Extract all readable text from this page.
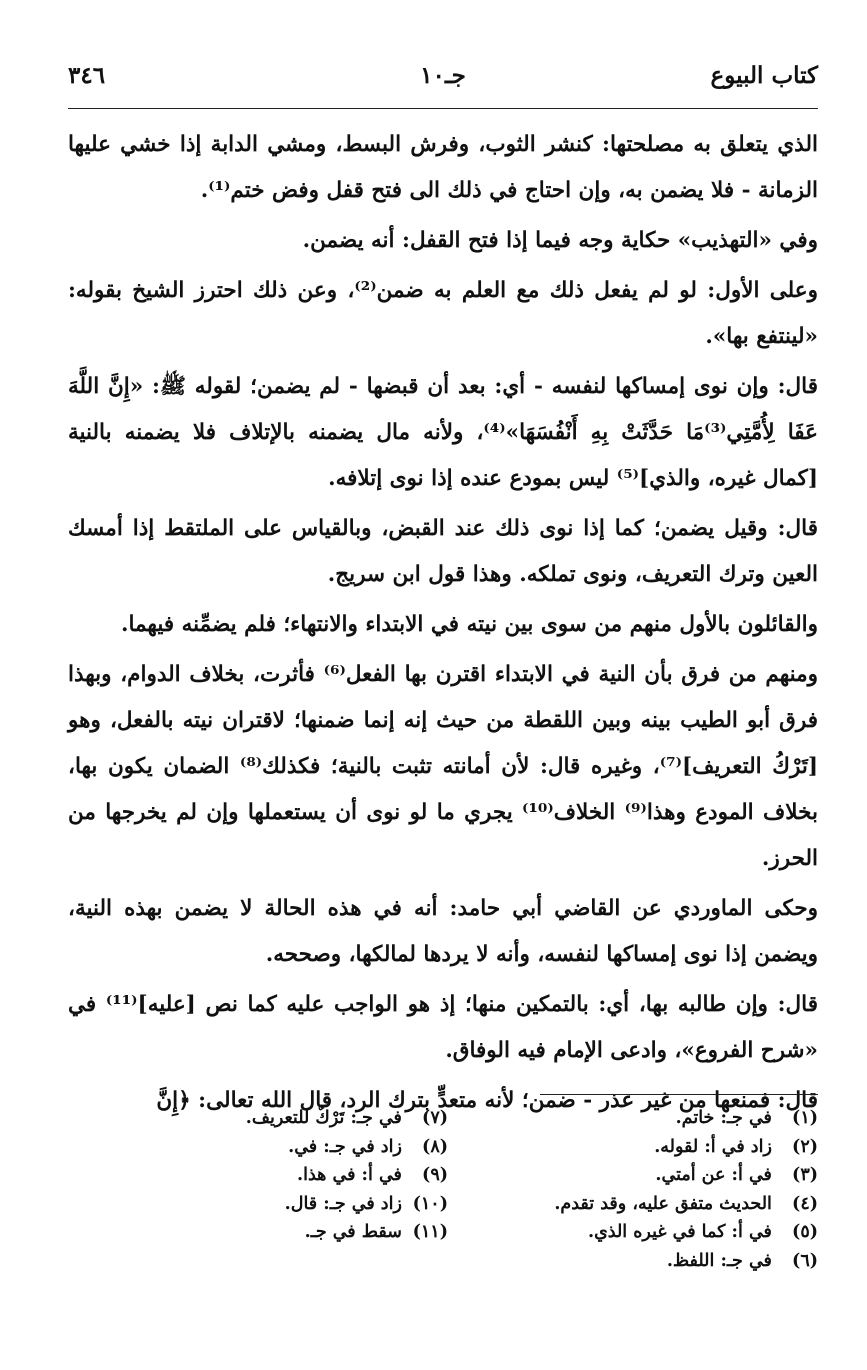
٣٤٦	جـ١٠	كتاب البيوع

الذي يتعلق به مصلحتها: كنشر الثوب، وفرش البسط، ومشي الدابة إذا خشي عليها الزمانة - فلا يضمن به، وإن احتاج في ذلك الى فتح قفل وفض ختم⁽¹⁾.

وفي «التهذيب» حكاية وجه فيما إذا فتح القفل: أنه يضمن.

وعلى الأول: لو لم يفعل ذلك مع العلم به ضمن⁽²⁾، وعن ذلك احترز الشيخ بقوله: «لينتفع بها».

قال: وإن نوى إمساكها لنفسه - أي: بعد أن قبضها - لم يضمن؛ لقوله ﷺ: «إِنَّ اللَّهَ عَفَا لِأُمَّتِي⁽³⁾مَا حَدَّثَتْ بِهِ أَنْفُسَهَا»⁽⁴⁾، ولأنه مال يضمنه بالإتلاف فلا يضمنه بالنية [كمال غيره، والذي]⁽⁵⁾ ليس بمودع عنده إذا نوى إتلافه.

قال: وقيل يضمن؛ كما إذا نوى ذلك عند القبض، وبالقياس على الملتقط إذا أمسك العين وترك التعريف، ونوى تملكه. وهذا قول ابن سريج.

والقائلون بالأول منهم من سوى بين نيته في الابتداء والانتهاء؛ فلم يضمِّنه فيهما.

ومنهم من فرق بأن النية في الابتداء اقترن بها الفعل⁽⁶⁾ فأثرت، بخلاف الدوام، وبهذا فرق أبو الطيب بينه وبين اللقطة من حيث إنه إنما ضمنها؛ لاقتران نيته بالفعل، وهو [تَرْكُ التعريف]⁽⁷⁾، وغيره قال: لأن أمانته تثبت بالنية؛ فكذلك⁽⁸⁾ الضمان يكون بها، بخلاف المودع وهذا⁽⁹⁾ الخلاف⁽¹⁰⁾ يجري ما لو نوى أن يستعملها وإن لم يخرجها من الحرز.

وحكى الماوردي عن القاضي أبي حامد: أنه في هذه الحالة لا يضمن بهذه النية، ويضمن إذا نوى إمساكها لنفسه، وأنه لا يردها لمالكها، وصححه.

قال: وإن طالبه بها، أي: بالتمكين منها؛ إذ هو الواجب عليه كما نص [عليه]⁽¹¹⁾ في «شرح الفروع»، وادعى الإمام فيه الوفاق.

قال: فمنعها من غير عذر - ضمن؛ لأنه متعدٍّ بترك الرد، قال الله تعالى: ﴿إِنَّ

(١) في جـ: خاتم.
(٢) زاد في أ: لقوله.
(٣) في أ: عن أمتي.
(٤) الحديث متفق عليه، وقد تقدم.
(٥) في أ: كما في غيره الذي.
(٦) في جـ: اللفظ.
(٧) في جـ: تَرْكٌ للتعريف.
(٨) زاد في جـ: في.
(٩) في أ: في هذا.
(١٠) زاد في جـ: قال.
(١١) سقط في جـ.
